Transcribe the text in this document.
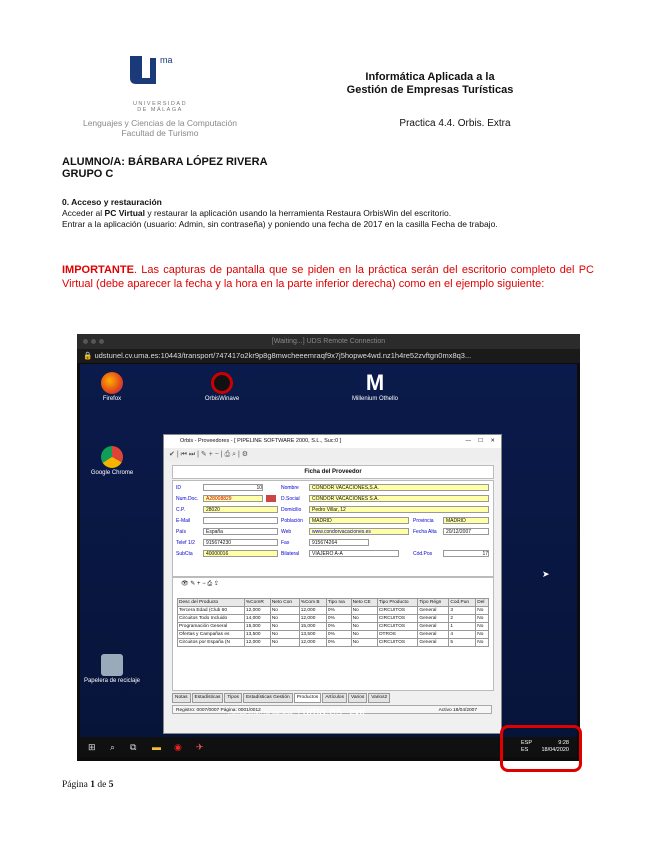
ma
UNIVERSIDAD
DE MÁLAGA
Lenguajes y Ciencias de la Computación
Facultad de Turismo
Informática Aplicada a la
Gestión de Empresas Turísticas
Practica 4.4. Orbis. Extra
ALUMNO/A: BÁRBARA LÓPEZ RIVERA
GRUPO C
0. Acceso y restauración
Acceder al PC Virtual y restaurar la aplicación usando la herramienta Restaura OrbisWin del escritorio.
Entrar a la aplicación (usuario: Admin, sin contraseña) y poniendo una fecha de 2017 en la casilla Fecha de trabajo.
IMPORTANTE. Las capturas de pantalla que se piden en la práctica serán del escritorio completo del PC Virtual (debe aparecer la fecha y la hora en la parte inferior derecha) como en el ejemplo siguiente:
[Waiting...] UDS Remote Connection
🔒 udstunel.cv.uma.es:10443/transport/747417o2kr9p8g8mwcheeemraqf9x7j5hopwe4wd.nz1h4re52zvftgn0mx8q3...
Firefox	OrbisWinave
M
Millenium Othello
Google Chrome
Papelera de reciclaje
Orbis - Proveedores - [ PIPELINE SOFTWARE 2000, S.L., Suc:0 ]	— ☐ ✕
✔ | ⏮ ⏭ | ✎ + − | ⎙ ⌕ | ⚙
Ficha del Proveedor
ID	10	Nombre	CONDOR VACACIONES,S.A.
Num.Doc.	A28008829	D.Social	CONDOR VACACIONES S.A.
C.P.	28020	Domicilio	Pedro Villar, 12
E-Mail	Población	MADRID	Provincia	MADRID
País	España	Web	www.condorvacaciones.es	Fecha Alta	20/12/2007
Telef 1/2	915674230	Fax	915674264
SubCta	40000016	Bilateral	VIAJERO A-A	Cód.Pos	17
👁 ✎ + − ⎙ ⇪
Desc del Producto	%ComR	Neto Con	%Com B	Tipo Iva	Neto CE	Tipo Producto	Tipo Régn	Cod.Pun	Del
Tercera Edad (Club 60	12,000	No	12,000	0%	No	CIRCUITOS	General	3	No
Circuitos Todo Incluido	14,000	No	12,000	0%	No	CIRCUITOS	General	2	No
Programación General	15,000	No	15,000	0%	No	CIRCUITOS	General	1	No
Ofertas y Campañas es	13,500	No	13,500	0%	No	OTROS	General	4	No
Circuitos por España (N	12,000	No	12,000	0%	No	CIRCUITOS	General	5	No
Notas Estadísticas Tipos Estadísticas Gestión Productos Artículos Varios Varios2
Registro: 0007/0007 Página: 0001/0012	Activo 18/04/2007
UNIVERSIDAD DE MÁLAGA  | uma.es evit
➤
⊞ ⌕ ⧉ ▬ ◉ ✈	ESP
ES
9:28
18/04/2020
Página 1 de 5
